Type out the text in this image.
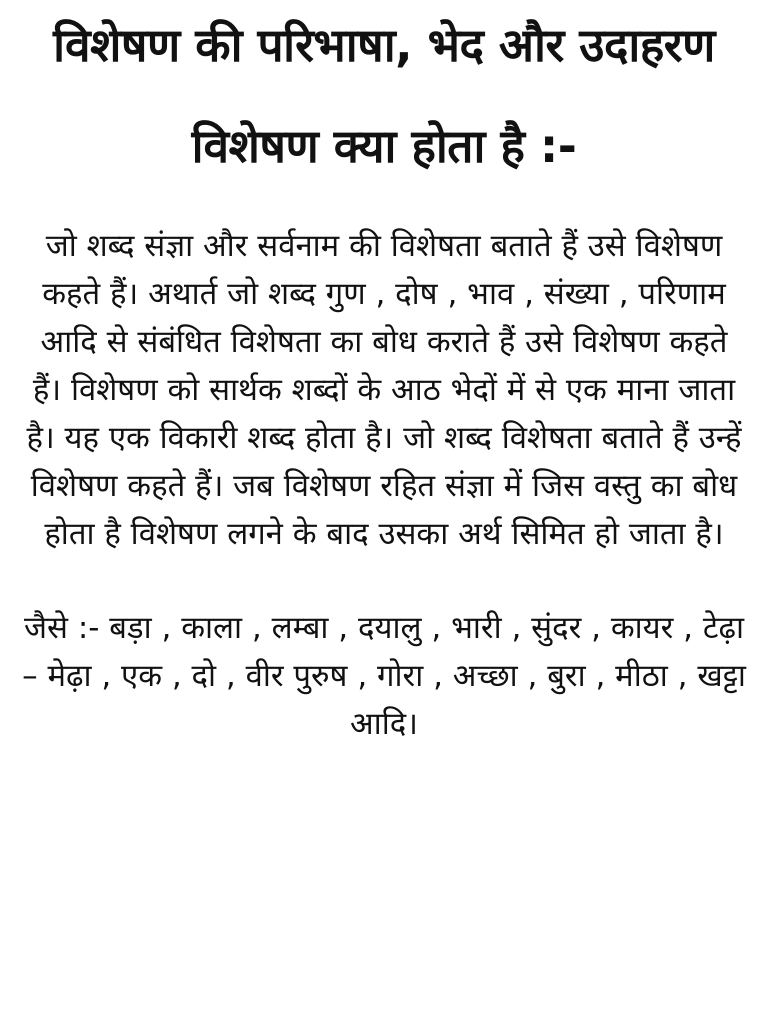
विशेषण की परिभाषा, भेद और उदाहरण
विशेषण क्या होता है :-

जो शब्द संज्ञा और सर्वनाम की विशेषता बताते हैं उसे विशेषण कहते हैं। अथार्त जो शब्द गुण , दोष , भाव , संख्या , परिणाम आदि से संबंधित विशेषता का बोध कराते हैं उसे विशेषण कहते हैं। विशेषण को सार्थक शब्दों के आठ भेदों में से एक माना जाता है। यह एक विकारी शब्द होता है। जो शब्द विशेषता बताते हैं उन्हें विशेषण कहते हैं। जब विशेषण रहित संज्ञा में जिस वस्तु का बोध होता है विशेषण लगने के बाद उसका अर्थ सिमित हो जाता है।

जैसे :- बड़ा , काला , लम्बा , दयालु , भारी , सुंदर , कायर , टेढ़ा – मेढ़ा , एक , दो , वीर पुरुष , गोरा , अच्छा , बुरा , मीठा , खट्टा आदि।
